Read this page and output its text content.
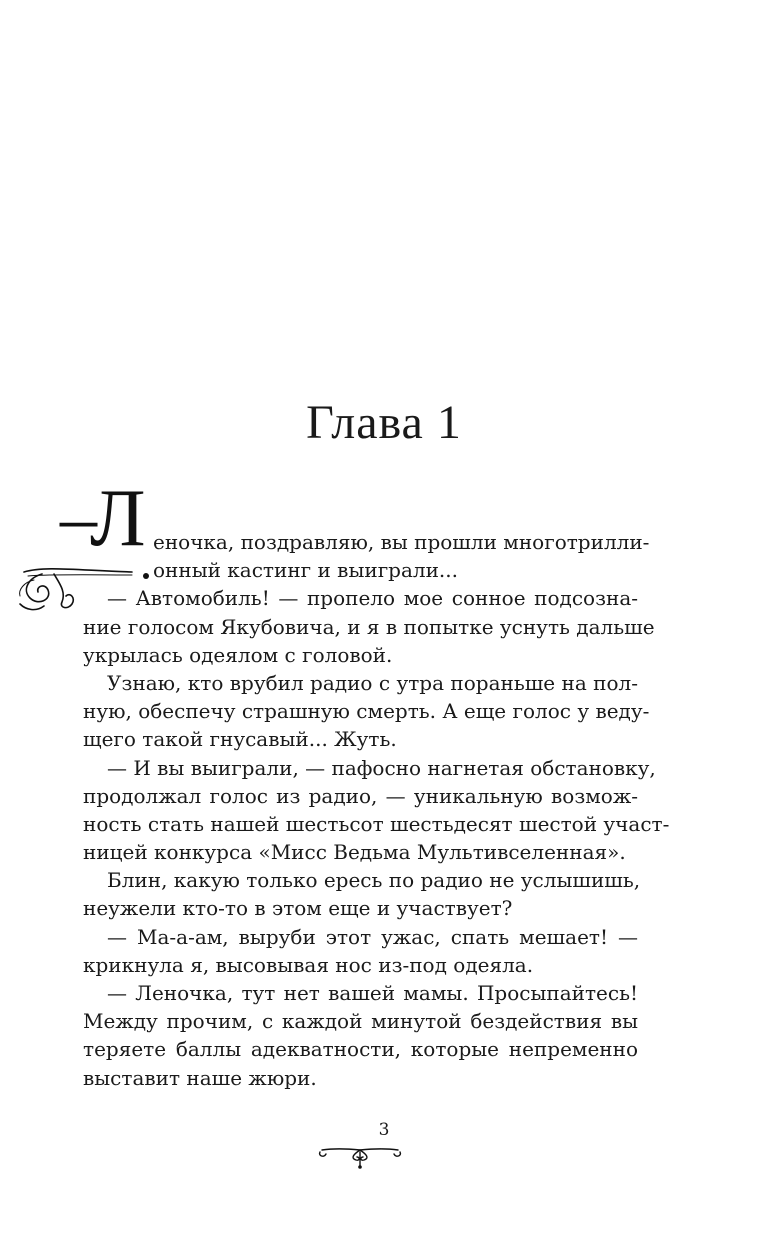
Глава 1
–
Л еночка, поздравляю, вы прошли многотрилли-
онный кастинг и выиграли...
— Автомобиль! — пропело мое сонное подсозна-
ние голосом Якубовича, и я в попытке уснуть дальше
укрылась одеялом с головой.
Узнаю, кто врубил радио с утра пораньше на пол-
ную, обеспечу страшную смерть. А еще голос у веду-
щего такой гнусавый... Жуть.
— И вы выиграли, — пафосно нагнетая обстановку,
продолжал голос из радио, — уникальную возмож-
ность стать нашей шестьсот шестьдесят шестой участ-
ницей конкурса «Мисс Ведьма Мультивселенная».
Блин, какую только ересь по радио не услышишь,
неужели кто-то в этом еще и участвует?
— Ма-а-ам, выруби этот ужас, спать мешает! —
крикнула я, высовывая нос из-под одеяла.
— Леночка, тут нет вашей мамы. Просыпайтесь!
Между прочим, с каждой минутой бездействия вы
теряете баллы адекватности, которые непременно
выставит наше жюри.
3
